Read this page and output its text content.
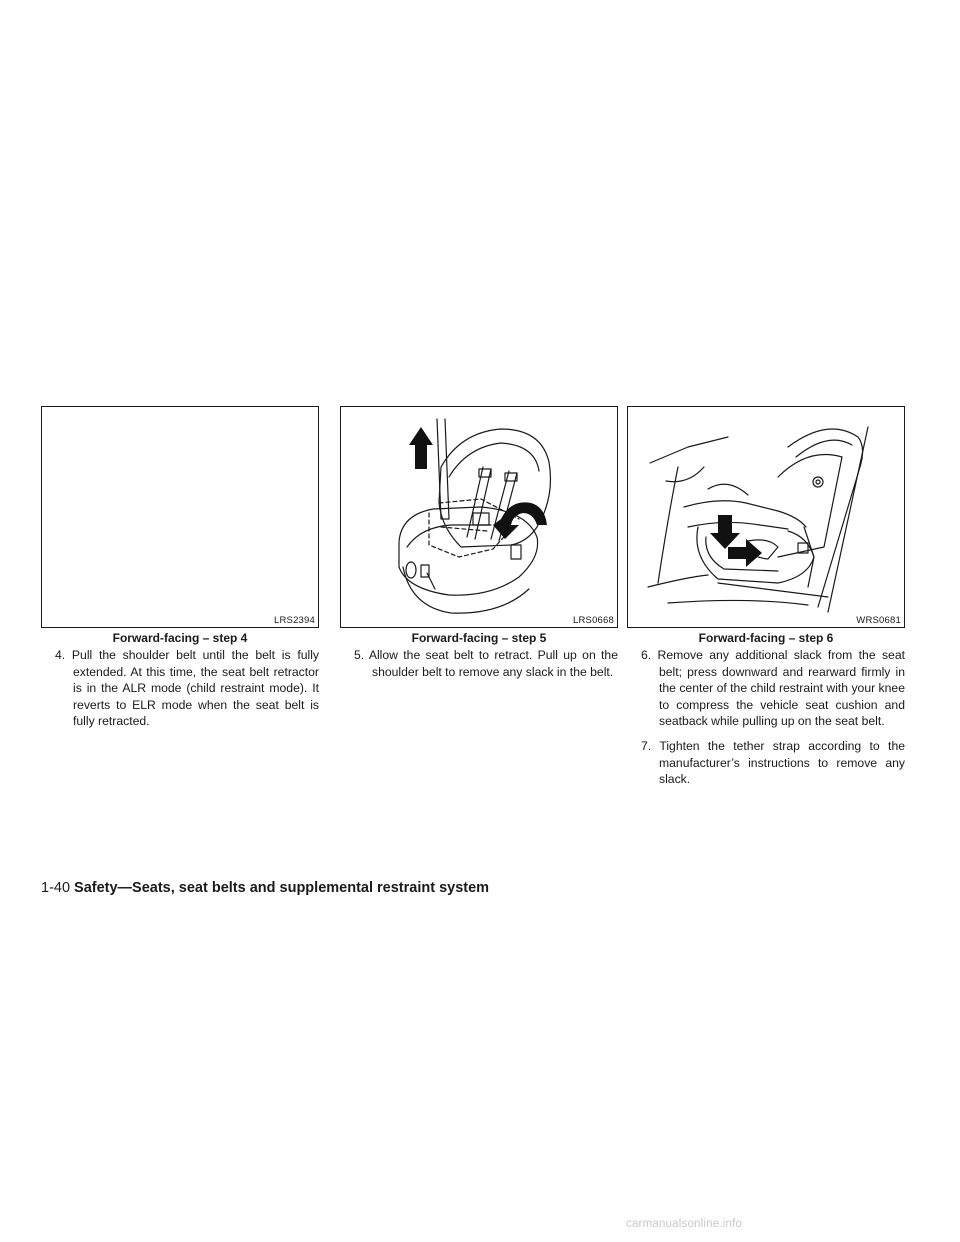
LRS2394
Forward-facing – step 4

4. Pull the shoulder belt until the belt is fully extended. At this time, the seat belt retractor is in the ALR mode (child restraint mode). It reverts to ELR mode when the seat belt is fully retracted.

LRS0668
Forward-facing – step 5

5. Allow the seat belt to retract. Pull up on the shoulder belt to remove any slack in the belt.

WRS0681
Forward-facing – step 6

6. Remove any additional slack from the seat belt; press downward and rearward firmly in the center of the child restraint with your knee to compress the vehicle seat cushion and seatback while pulling up on the seat belt.

7. Tighten the tether strap according to the manufacturer’s instructions to remove any slack.

1-40 Safety—Seats, seat belts and supplemental restraint system
carmanualsonline.info
